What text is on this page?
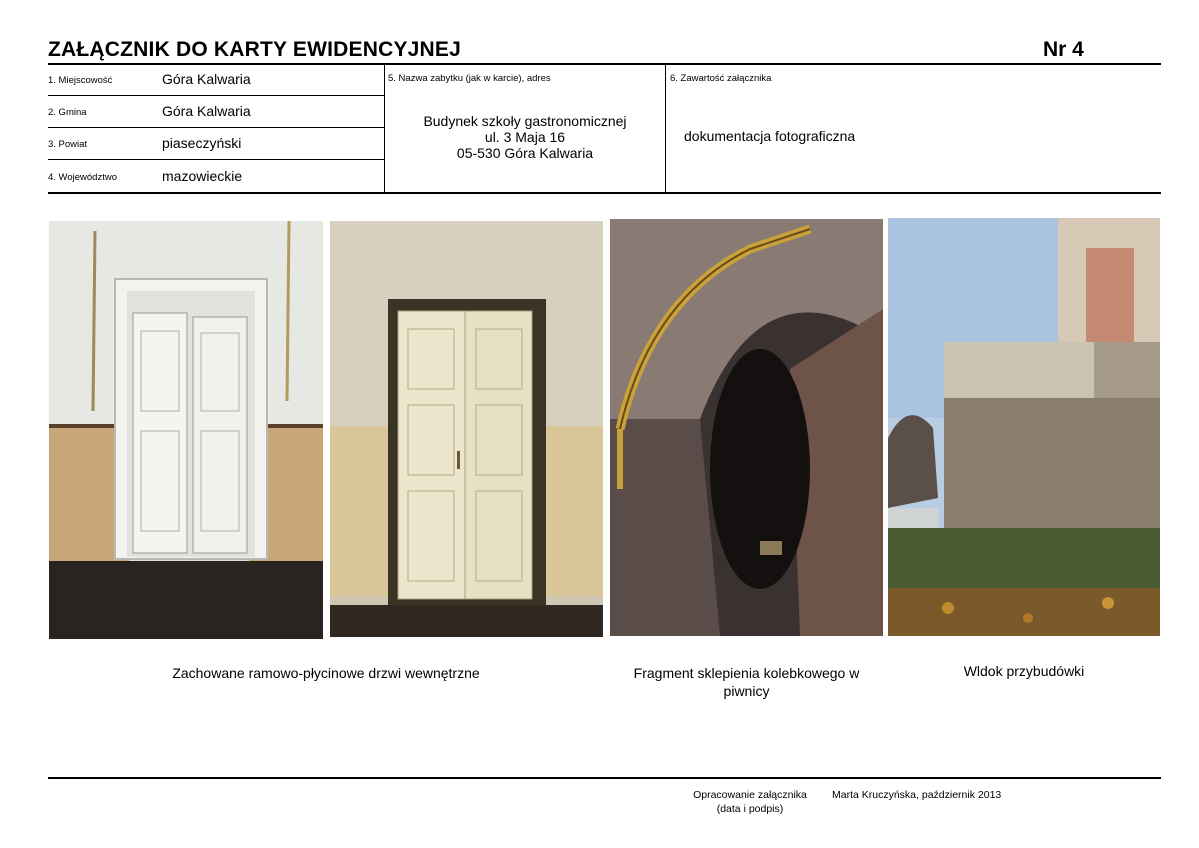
ZAŁĄCZNIK DO KARTY EWIDENCYJNEJ	Nr 4
1. Miejscowość	Góra Kalwaria
2. Gmina	Góra Kalwaria
3. Powiat	piaseczyński
4. Województwo	mazowieckie
5. Nazwa zabytku (jak w karcie), adres
Budynek szkoły gastronomicznej
ul. 3 Maja 16
05-530 Góra Kalwaria
6. Zawartość załącznika
dokumentacja fotograficzna
Zachowane ramowo-płycinowe drzwi wewnętrzne	Fragment sklepienia kolebkowego w
piwnicy
Wldok przybudówki
Opracowanie załącznika
(data i podpis)
Marta Kruczyńska, październik 2013
